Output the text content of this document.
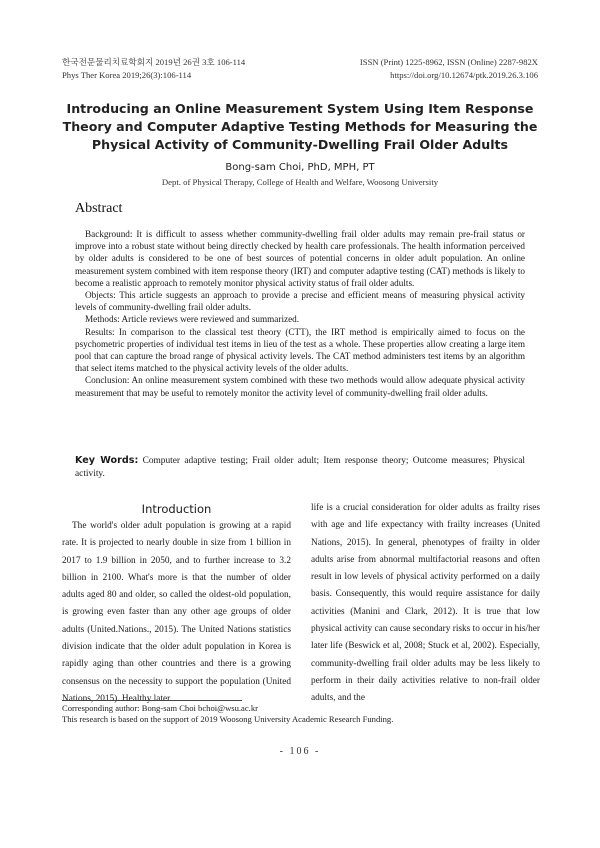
한국전문물리치료학회지 2019년 26권 3호 106-114
Phys Ther Korea 2019;26(3):106-114
ISSN (Print) 1225-8962, ISSN (Online) 2287-982X
https://doi.org/10.12674/ptk.2019.26.3.106
Introducing an Online Measurement System Using Item Response
Theory and Computer Adaptive Testing Methods for Measuring the
Physical Activity of Community-Dwelling Frail Older Adults
Bong-sam Choi, PhD, MPH, PT
Dept. of Physical Therapy, College of Health and Welfare, Woosong University
Abstract

Background: It is difficult to assess whether community-dwelling frail older adults may remain pre-frail status or improve into a robust state without being directly checked by health care professionals. The health information perceived by older adults is considered to be one of best sources of potential concerns in older adult population. An online measurement system combined with item response theory (IRT) and computer adaptive testing (CAT) methods is likely to become a realistic approach to remotely monitor physical activity status of frail older adults.

Objects: This article suggests an approach to provide a precise and efficient means of measuring physical activity levels of community-dwelling frail older adults.

Methods: Article reviews were reviewed and summarized.

Results: In comparison to the classical test theory (CTT), the IRT method is empirically aimed to focus on the psychometric properties of individual test items in lieu of the test as a whole. These properties allow creating a large item pool that can capture the broad range of physical activity levels. The CAT method administers test items by an algorithm that select items matched to the physical activity levels of the older adults.

Conclusion: An online measurement system combined with these two methods would allow adequate physical activity measurement that may be useful to remotely monitor the activity level of community-dwelling frail older adults.

Key Words: Computer adaptive testing; Frail older adult; Item response theory; Outcome measures; Physical activity.
Introduction

The world's older adult population is growing at a rapid rate. It is projected to nearly double in size from 1 billion in 2017 to 1.9 billion in 2050, and to further increase to 3.2 billion in 2100. What's more is that the number of older adults aged 80 and older, so called the oldest-old population, is growing even faster than any other age groups of older adults (United.Nations., 2015). The United Nations statistics division indicate that the older adult population in Korea is rapidly aging than other countries and there is a growing consensus on the necessity to support the population (United Nations, 2015). Healthy later

life is a crucial consideration for older adults as frailty rises with age and life expectancy with frailty increases (United Nations, 2015). In general, phenotypes of frailty in older adults arise from abnormal multifactorial reasons and often result in low levels of physical activity performed on a daily basis. Consequently, this would require assistance for daily activities (Manini and Clark, 2012). It is true that low physical activity can cause secondary risks to occur in his/her later life (Beswick et al, 2008; Stuck et al, 2002). Especially, community-dwelling frail older adults may be less likely to perform in their daily activities relative to non-frail older adults, and the

Corresponding author: Bong-sam Choi bchoi@wsu.ac.kr
This research is based on the support of 2019 Woosong University Academic Research Funding.
- 106 -
